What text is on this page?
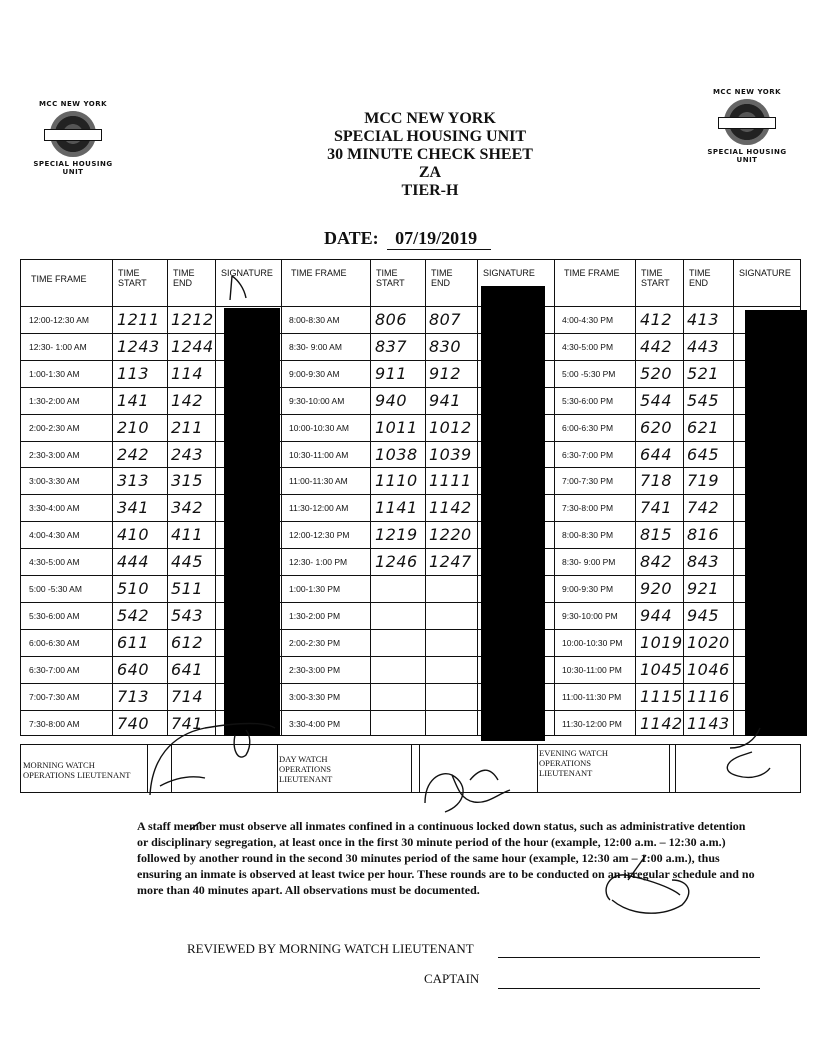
MCC NEW YORK
SPECIAL HOUSING UNIT
MCC NEW YORK
SPECIAL HOUSING UNIT
MCC NEW YORK
SPECIAL HOUSING UNIT
30 MINUTE CHECK SHEET
ZA
TIER-H
DATE: 07/19/2019
TIME FRAME
TIME START
TIME END
SIGNATURE
12:00-12:30 AM 1211 1212
12:30- 1:00 AM 1243 1244
1:00-1:30 AM 113 114
1:30-2:00 AM 141 142
2:00-2:30 AM 210 211
2:30-3:00 AM 242 243
3:00-3:30 AM 313 315
3:30-4:00 AM 341 342
4:00-4:30 AM 410 411
4:30-5:00 AM 444 445
5:00 -5:30 AM 510 511
5:30-6:00 AM 542 543
6:00-6:30 AM 611 612
6:30-7:00 AM 640 641
7:00-7:30 AM 713 714
7:30-8:00 AM 740 741
TIME FRAME	TIME START
TIME END
SIGNATURE
8:00-8:30 AM 806 807
8:30- 9:00 AM 837 830
9:00-9:30 AM 911 912
9:30-10:00 AM 940 941
10:00-10:30 AM 1011 1012
10:30-11:00 AM 1038 1039
11:00-11:30 AM 1110 1111
11:30-12:00 AM 1141 1142
12:00-12:30 PM 1219 1220
12:30- 1:00 PM 1246 1247
1:00-1:30 PM
1:30-2:00 PM
2:00-2:30 PM
2:30-3:00 PM
3:00-3:30 PM
3:30-4:00 PM
TIME FRAME	TIME START
TIME END
SIGNATURE
4:00-4:30 PM 412 413
4:30-5:00 PM 442 443
5:00 -5:30 PM 520 521
5:30-6:00 PM 544 545
6:00-6:30 PM 620 621
6:30-7:00 PM 644 645
7:00-7:30 PM 718 719
7:30-8:00 PM 741 742
8:00-8:30 PM 815 816
8:30- 9:00 PM 842 843
9:00-9:30 PM 920 921
9:30-10:00 PM 944 945
10:00-10:30 PM 1019 1020
10:30-11:00 PM 1045 1046
11:00-11:30 PM 1115 1116
11:30-12:00 PM 1142 1143
MORNING WATCH OPERATIONS LIEUTENANT
DAY WATCH OPERATIONS LIEUTENANT
EVENING WATCH OPERATIONS LIEUTENANT
A staff member must observe all inmates confined in a continuous locked down status, such as administrative detention or disciplinary segregation, at least once in the first 30 minute period of the hour (example, 12:00 a.m. – 12:30 a.m.) followed by another round in the second 30 minutes period of the same hour (example, 12:30 am – 1:00 a.m.), thus ensuring an inmate is observed at least twice per hour. These rounds are to be conducted on an irregular schedule and no more than 40 minutes apart. All observations must be documented.
REVIEWED BY MORNING WATCH LIEUTENANT
CAPTAIN
